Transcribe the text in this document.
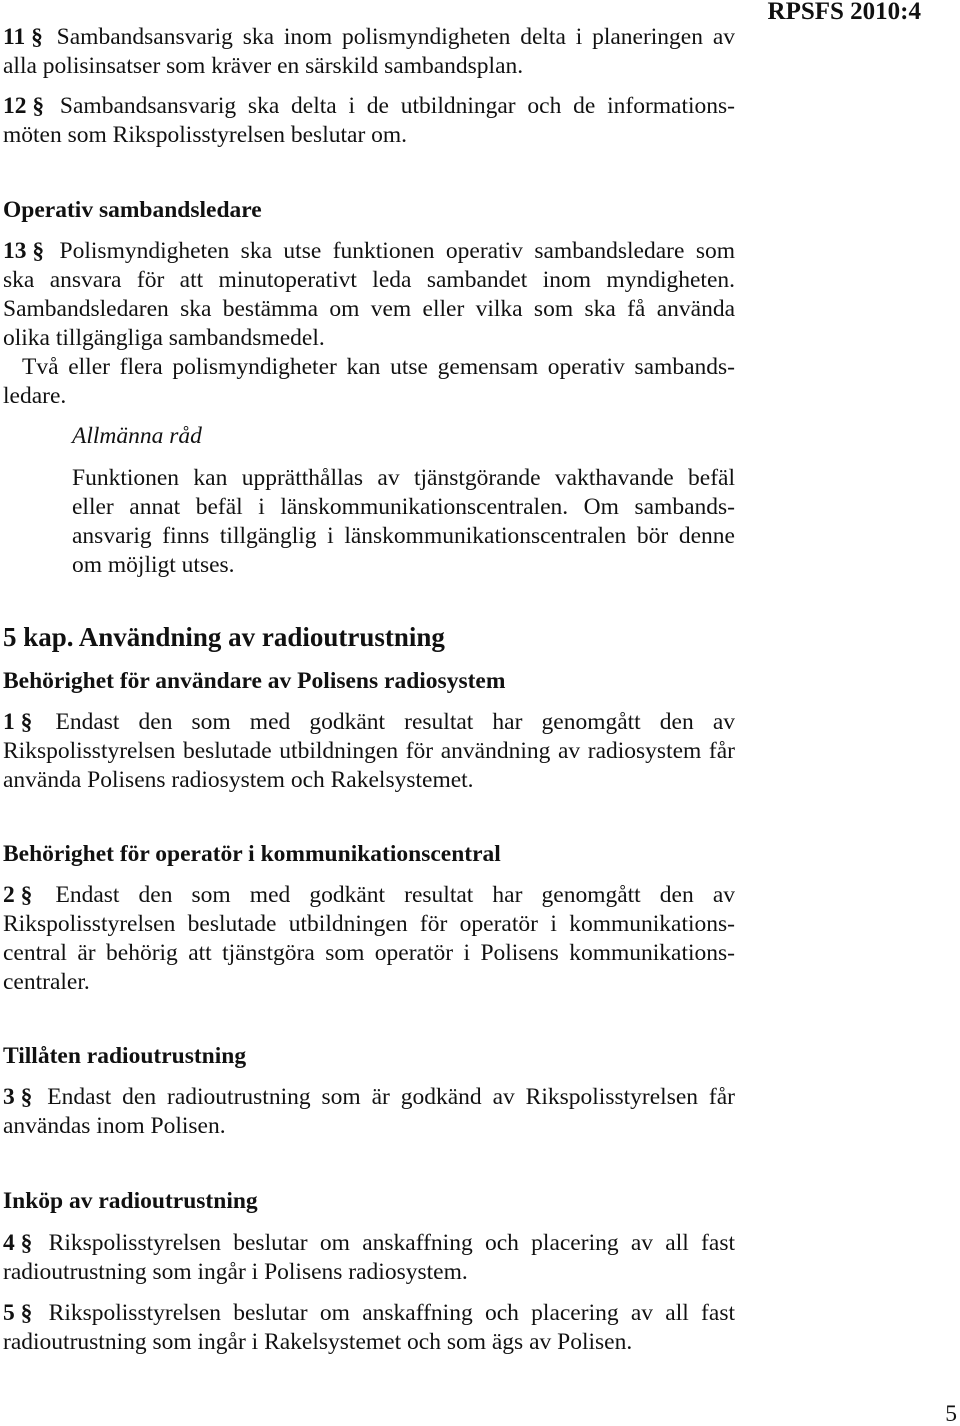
RPSFS 2010:4
11 § Sambandsansvarig ska inom polismyndigheten delta i planeringen av
alla polisinsatser som kräver en särskild sambandsplan.
12 § Sambandsansvarig ska delta i de utbildningar och de informations-
möten som Rikspolisstyrelsen beslutar om.
Operativ sambandsledare
13 § Polismyndigheten ska utse funktionen operativ sambandsledare som
ska ansvara för att minutoperativt leda sambandet inom myndigheten.
Sambandsledaren ska bestämma om vem eller vilka som ska få använda
olika tillgängliga sambandsmedel.
Två eller flera polismyndigheter kan utse gemensam operativ sambands-
ledare.
Allmänna råd
Funktionen kan upprätthållas av tjänstgörande vakthavande befäl
eller annat befäl i länskommunikationscentralen. Om sambands-
ansvarig finns tillgänglig i länskommunikationscentralen bör denne
om möjligt utses.
5 kap. Användning av radioutrustning
Behörighet för användare av Polisens radiosystem
1 § Endast den som med godkänt resultat har genomgått den av
Rikspolisstyrelsen beslutade utbildningen för användning av radiosystem får
använda Polisens radiosystem och Rakelsystemet.
Behörighet för operatör i kommunikationscentral
2 § Endast den som med godkänt resultat har genomgått den av
Rikspolisstyrelsen beslutade utbildningen för operatör i kommunikations-
central är behörig att tjänstgöra som operatör i Polisens kommunikations-
centraler.
Tillåten radioutrustning
3 § Endast den radioutrustning som är godkänd av Rikspolisstyrelsen får
användas inom Polisen.
Inköp av radioutrustning
4 § Rikspolisstyrelsen beslutar om anskaffning och placering av all fast
radioutrustning som ingår i Polisens radiosystem.
5 § Rikspolisstyrelsen beslutar om anskaffning och placering av all fast
radioutrustning som ingår i Rakelsystemet och som ägs av Polisen.
5
